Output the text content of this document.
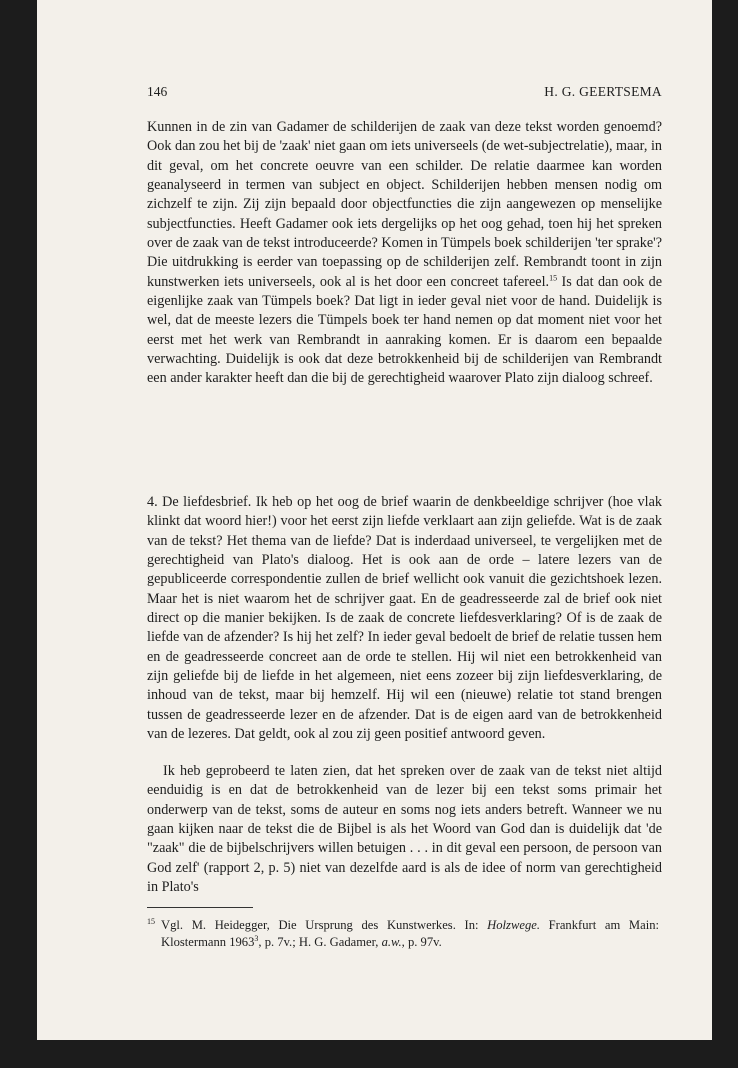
146	H. G. GEERTSEMA

Kunnen in de zin van Gadamer de schilderijen de zaak van deze tekst worden genoemd? Ook dan zou het bij de 'zaak' niet gaan om iets universeels (de wet-subjectrelatie), maar, in dit geval, om het concrete oeuvre van een schilder. De relatie daarmee kan worden geanalyseerd in termen van subject en object. Schilderijen hebben mensen nodig om zichzelf te zijn. Zij zijn bepaald door objectfuncties die zijn aangewezen op menselijke subjectfuncties. Heeft Gadamer ook iets dergelijks op het oog gehad, toen hij het spreken over de zaak van de tekst introduceerde? Komen in Tümpels boek schilderijen 'ter sprake'? Die uitdrukking is eerder van toepassing op de schilderijen zelf. Rembrandt toont in zijn kunstwerken iets universeels, ook al is het door een concreet tafereel.$^{15}$ Is dat dan ook de eigenlijke zaak van Tümpels boek? Dat ligt in ieder geval niet voor de hand. Duidelijk is wel, dat de meeste lezers die Tümpels boek ter hand nemen op dat moment niet voor het eerst met het werk van Rembrandt in aanraking komen. Er is daarom een bepaalde verwachting. Duidelijk is ook dat deze betrokkenheid bij de schilderijen van Rembrandt een ander karakter heeft dan die bij de gerechtigheid waarover Plato zijn dialoog schreef.

4. De liefdesbrief. Ik heb op het oog de brief waarin de denkbeeldige schrijver (hoe vlak klinkt dat woord hier!) voor het eerst zijn liefde verklaart aan zijn geliefde. Wat is de zaak van de tekst? Het thema van de liefde? Dat is inderdaad universeel, te vergelijken met de gerechtigheid van Plato's dialoog. Het is ook aan de orde – latere lezers van de gepubliceerde correspondentie zullen de brief wellicht ook vanuit die gezichtshoek lezen. Maar het is niet waarom het de schrijver gaat. En de geadresseerde zal de brief ook niet direct op die manier bekijken. Is de zaak de concrete liefdesverklaring? Of is de zaak de liefde van de afzender? Is hij het zelf? In ieder geval bedoelt de brief de relatie tussen hem en de geadresseerde concreet aan de orde te stellen. Hij wil niet een betrokkenheid van zijn geliefde bij de liefde in het algemeen, niet eens zozeer bij zijn liefdesverklaring, de inhoud van de tekst, maar bij hemzelf. Hij wil een (nieuwe) relatie tot stand brengen tussen de geadresseerde lezer en de afzender. Dat is de eigen aard van de betrokkenheid van de lezeres. Dat geldt, ook al zou zij geen positief antwoord geven.

Ik heb geprobeerd te laten zien, dat het spreken over de zaak van de tekst niet altijd eenduidig is en dat de betrokkenheid van de lezer bij een tekst soms primair het onderwerp van de tekst, soms de auteur en soms nog iets anders betreft. Wanneer we nu gaan kijken naar de tekst die de Bijbel is als het Woord van God dan is duidelijk dat 'de "zaak" die de bijbelschrijvers willen betuigen . . . in dit geval een persoon, de persoon van God zelf' (rapport 2, p. 5) niet van dezelfde aard is als de idee of norm van gerechtigheid in Plato's

15 Vgl. M. Heidegger, Die Ursprung des Kunstwerkes. In: Holzwege. Frankfurt am Main: Klostermann 1963$^3$, p. 7v.; H. G. Gadamer, a.w., p. 97v.
